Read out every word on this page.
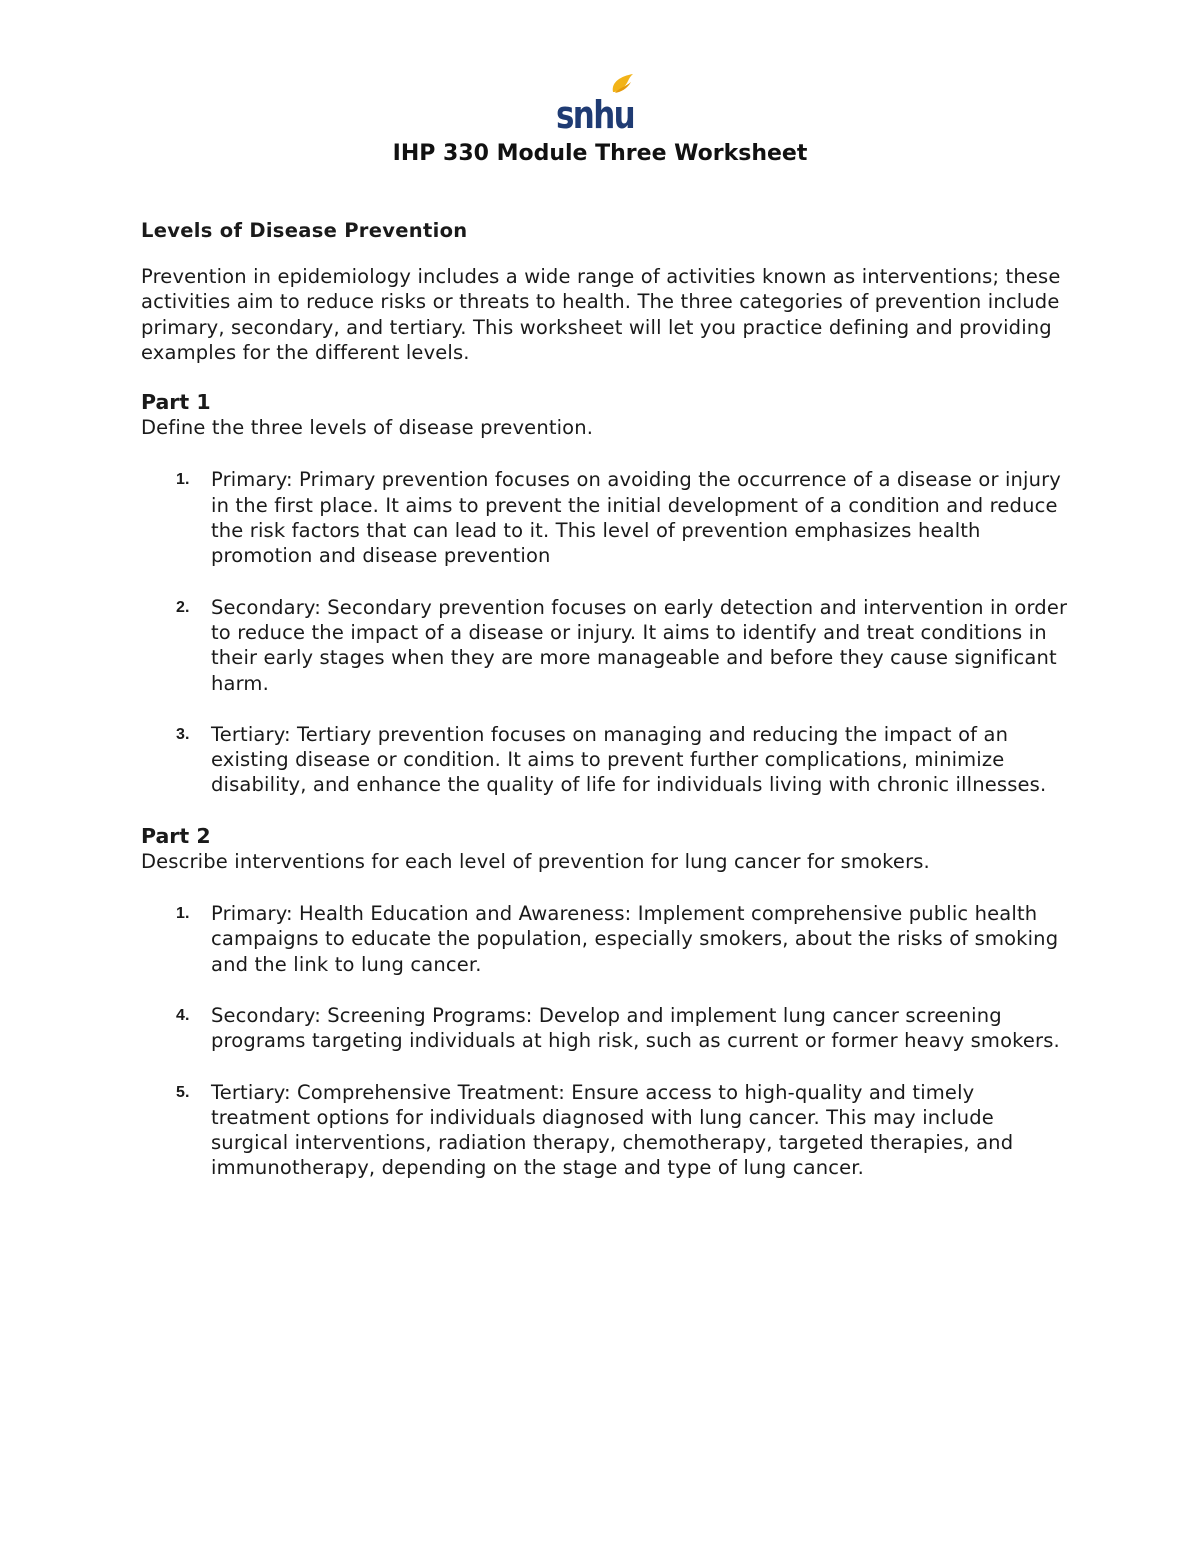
snhu
IHP 330 Module Three Worksheet
Levels of Disease Prevention

Prevention in epidemiology includes a wide range of activities known as interventions; these activities aim to reduce risks or threats to health. The three categories of prevention include primary, secondary, and tertiary. This worksheet will let you practice defining and providing examples for the different levels.

Part 1

Define the three levels of disease prevention.

1. Primary: Primary prevention focuses on avoiding the occurrence of a disease or injury in the first place. It aims to prevent the initial development of a condition and reduce the risk factors that can lead to it. This level of prevention emphasizes health promotion and disease prevention
2. Secondary: Secondary prevention focuses on early detection and intervention in order to reduce the impact of a disease or injury. It aims to identify and treat conditions in their early stages when they are more manageable and before they cause significant harm.
3. Tertiary: Tertiary prevention focuses on managing and reducing the impact of an existing disease or condition. It aims to prevent further complications, minimize disability, and enhance the quality of life for individuals living with chronic illnesses.
Part 2

Describe interventions for each level of prevention for lung cancer for smokers.

1. Primary: Health Education and Awareness: Implement comprehensive public health campaigns to educate the population, especially smokers, about the risks of smoking and the link to lung cancer.
4. Secondary: Screening Programs: Develop and implement lung cancer screening programs targeting individuals at high risk, such as current or former heavy smokers.
5. Tertiary: Comprehensive Treatment: Ensure access to high-quality and timely treatment options for individuals diagnosed with lung cancer. This may include surgical interventions, radiation therapy, chemotherapy, targeted therapies, and immunotherapy, depending on the stage and type of lung cancer.
